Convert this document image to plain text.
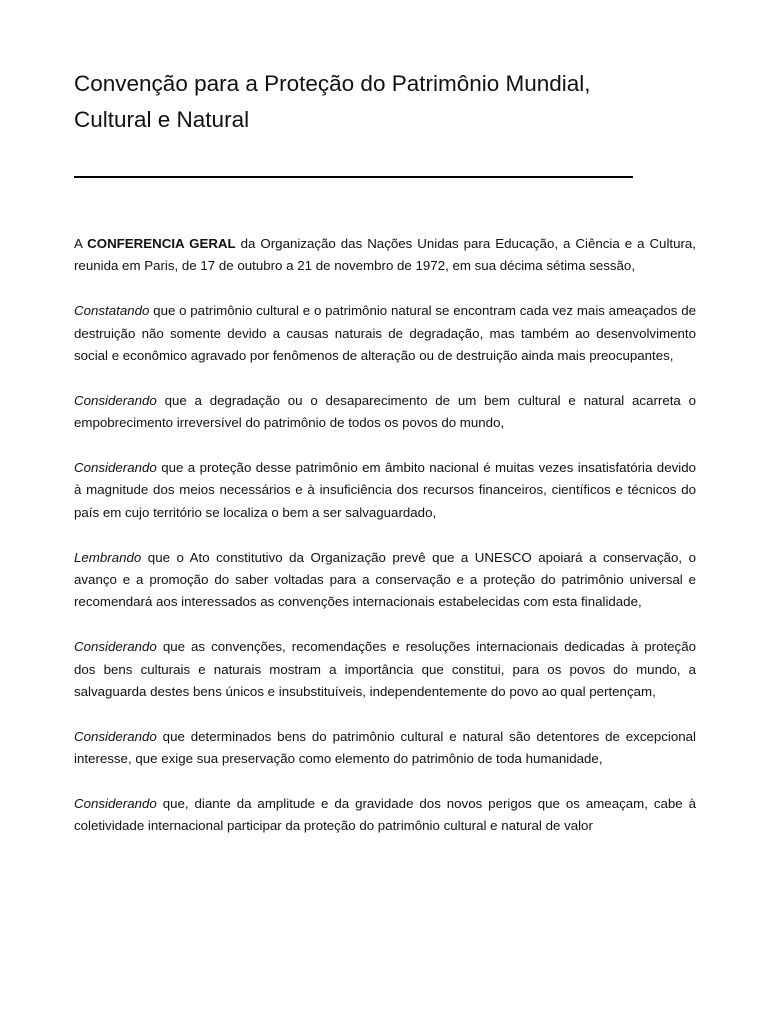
Convenção para a Proteção do Patrimônio Mundial,
Cultural e Natural

A CONFERENCIA GERAL da Organização das Nações Unidas para Educação, a Ciência e a Cultura, reunida em Paris, de 17 de outubro a 21 de novembro de 1972, em sua décima sétima sessão,

Constatando que o patrimônio cultural e o patrimônio natural se encontram cada vez mais ameaçados de destruição não somente devido a causas naturais de degradação, mas também ao desenvolvimento social e econômico agravado por fenômenos de alteração ou de destruição ainda mais preocupantes,

Considerando que a degradação ou o desaparecimento de um bem cultural e natural acarreta o empobrecimento irreversível do patrimônio de todos os povos do mundo,

Considerando que a proteção desse patrimônio em âmbito nacional é muitas vezes insatisfatória devido à magnitude dos meios necessários e à insuficiência dos recursos financeiros, científicos e técnicos do país em cujo território se localiza o bem a ser salvaguardado,

Lembrando que o Ato constitutivo da Organização prevê que a UNESCO apoiará a conservação, o avanço e a promoção do saber voltadas para a conservação e a proteção do patrimônio universal e recomendará aos interessados as convenções internacionais estabelecidas com esta finalidade,

Considerando que as convenções, recomendações e resoluções internacionais dedicadas à proteção dos bens culturais e naturais mostram a importância que constitui, para os povos do mundo, a salvaguarda destes bens únicos e insubstituíveis, independentemente do povo ao qual pertençam,

Considerando que determinados bens do patrimônio cultural e natural são detentores de excepcional interesse, que exige sua preservação como elemento do patrimônio de toda humanidade,

Considerando que, diante da amplitude e da gravidade dos novos perigos que os ameaçam, cabe à coletividade internacional participar da proteção do patrimônio cultural e natural de valor
